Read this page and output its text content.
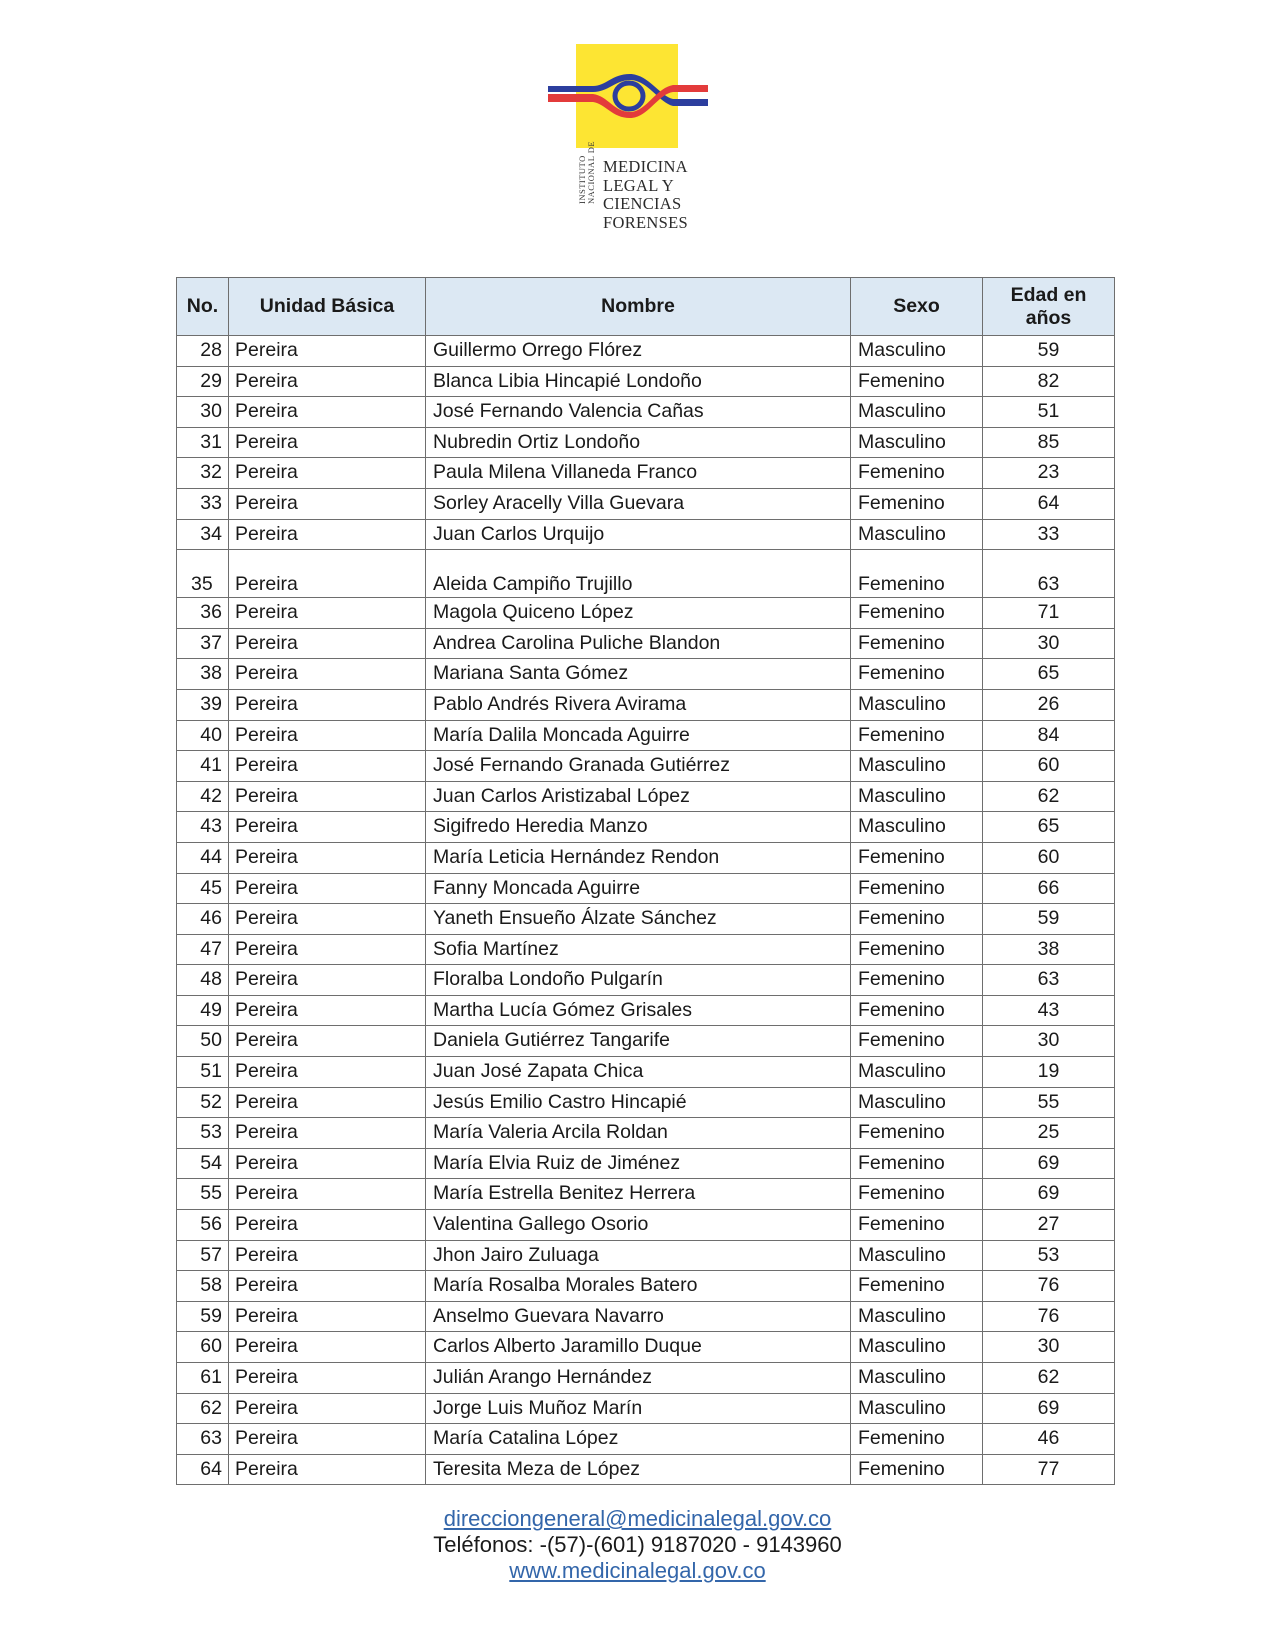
INSTITUTO NACIONAL DE MEDICINA
LEGAL Y
CIENCIAS
FORENSES
No.	Unidad Básica	Nombre	Sexo	Edad en
años
28	Pereira	Guillermo Orrego Flórez	Masculino	59
29	Pereira	Blanca Libia Hincapié Londoño	Femenino	82
30	Pereira	José Fernando Valencia Cañas	Masculino	51
31	Pereira	Nubredin Ortiz Londoño	Masculino	85
32	Pereira	Paula Milena Villaneda Franco	Femenino	23
33	Pereira	Sorley Aracelly Villa Guevara	Femenino	64
34	Pereira	Juan Carlos Urquijo	Masculino	33
35	Pereira	Aleida Campiño Trujillo	Femenino	63
36	Pereira	Magola Quiceno López	Femenino	71
37	Pereira	Andrea Carolina Puliche Blandon	Femenino	30
38	Pereira	Mariana Santa Gómez	Femenino	65
39	Pereira	Pablo Andrés Rivera Avirama	Masculino	26
40	Pereira	María Dalila Moncada Aguirre	Femenino	84
41	Pereira	José Fernando Granada Gutiérrez	Masculino	60
42	Pereira	Juan Carlos Aristizabal López	Masculino	62
43	Pereira	Sigifredo Heredia Manzo	Masculino	65
44	Pereira	María Leticia Hernández Rendon	Femenino	60
45	Pereira	Fanny Moncada Aguirre	Femenino	66
46	Pereira	Yaneth Ensueño Álzate Sánchez	Femenino	59
47	Pereira	Sofia Martínez	Femenino	38
48	Pereira	Floralba Londoño Pulgarín	Femenino	63
49	Pereira	Martha Lucía Gómez Grisales	Femenino	43
50	Pereira	Daniela Gutiérrez Tangarife	Femenino	30
51	Pereira	Juan José Zapata Chica	Masculino	19
52	Pereira	Jesús Emilio Castro Hincapié	Masculino	55
53	Pereira	María Valeria Arcila Roldan	Femenino	25
54	Pereira	María Elvia Ruiz de Jiménez	Femenino	69
55	Pereira	María Estrella Benitez Herrera	Femenino	69
56	Pereira	Valentina Gallego Osorio	Femenino	27
57	Pereira	Jhon Jairo Zuluaga	Masculino	53
58	Pereira	María Rosalba Morales Batero	Femenino	76
59	Pereira	Anselmo Guevara Navarro	Masculino	76
60	Pereira	Carlos Alberto Jaramillo Duque	Masculino	30
61	Pereira	Julián Arango Hernández	Masculino	62
62	Pereira	Jorge Luis Muñoz Marín	Masculino	69
63	Pereira	María Catalina López	Femenino	46
64	Pereira	Teresita Meza de López	Femenino	77
direcciongeneral@medicinalegal.gov.co
Teléfonos: -(57)-(601) 9187020 - 9143960
www.medicinalegal.gov.co
